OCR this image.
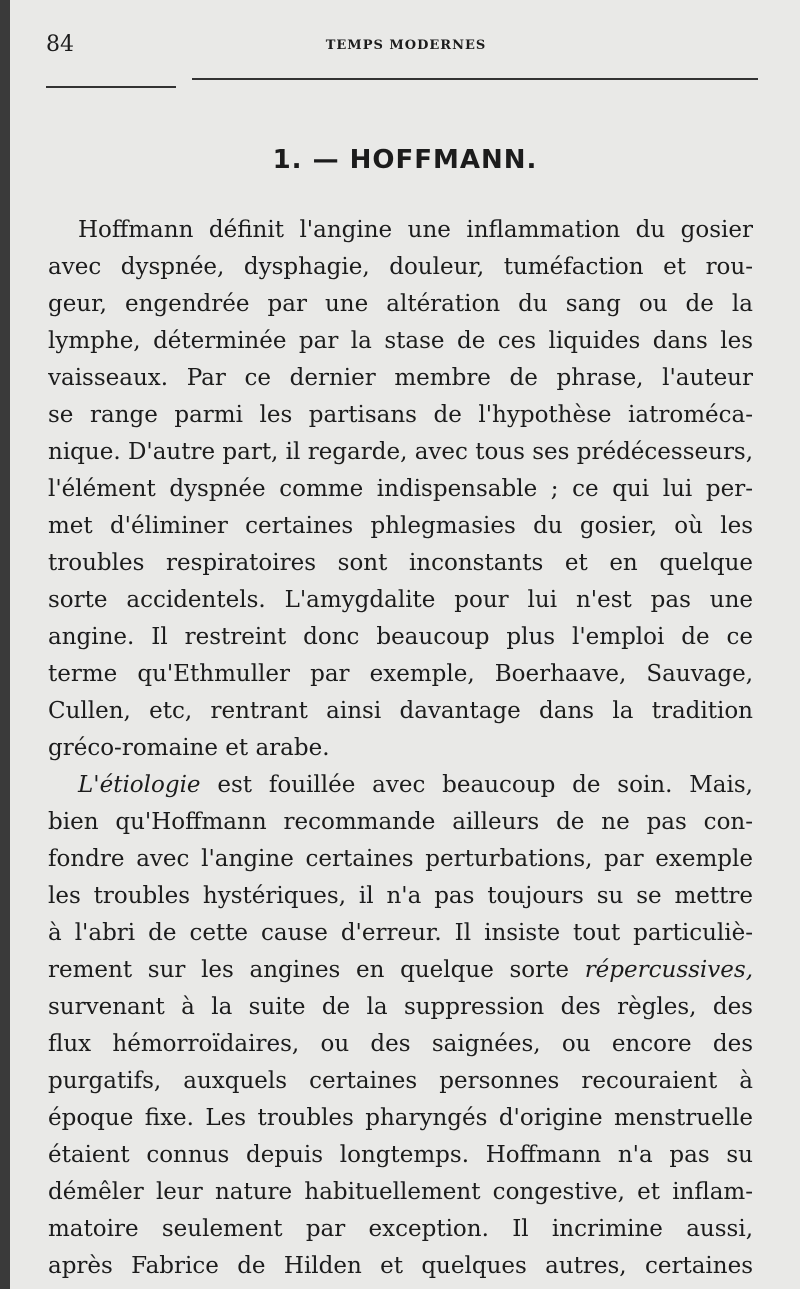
84	TEMPS MODERNES
1. — HOFFMANN.
Hoffmann définit l'angine une inflammation du gosier
avec dyspnée, dysphagie, douleur, tuméfaction et rou-
geur, engendrée par une altération du sang ou de la
lymphe, déterminée par la stase de ces liquides dans les
vaisseaux. Par ce dernier membre de phrase, l'auteur
se range parmi les partisans de l'hypothèse iatroméca-
nique. D'autre part, il regarde, avec tous ses prédécesseurs,
l'élément dyspnée comme indispensable ; ce qui lui per-
met d'éliminer certaines phlegmasies du gosier, où les
troubles respiratoires sont inconstants et en quelque
sorte accidentels. L'amygdalite pour lui n'est pas une
angine. Il restreint donc beaucoup plus l'emploi de ce
terme qu'Ethmuller par exemple, Boerhaave, Sauvage,
Cullen, etc, rentrant ainsi davantage dans la tradition
gréco-romaine et arabe.
L'étiologie est fouillée avec beaucoup de soin. Mais,
bien qu'Hoffmann recommande ailleurs de ne pas con-
fondre avec l'angine certaines perturbations, par exemple
les troubles hystériques, il n'a pas toujours su se mettre
à l'abri de cette cause d'erreur. Il insiste tout particuliè-
rement sur les angines en quelque sorte répercussives,
survenant à la suite de la suppression des règles, des
flux hémorroïdaires, ou des saignées, ou encore des
purgatifs, auxquels certaines personnes recouraient à
époque fixe. Les troubles pharyngés d'origine menstruelle
étaient connus depuis longtemps. Hoffmann n'a pas su
démêler leur nature habituellement congestive, et inflam-
matoire seulement par exception. Il incrimine aussi,
après Fabrice de Hilden et quelques autres, certaines
